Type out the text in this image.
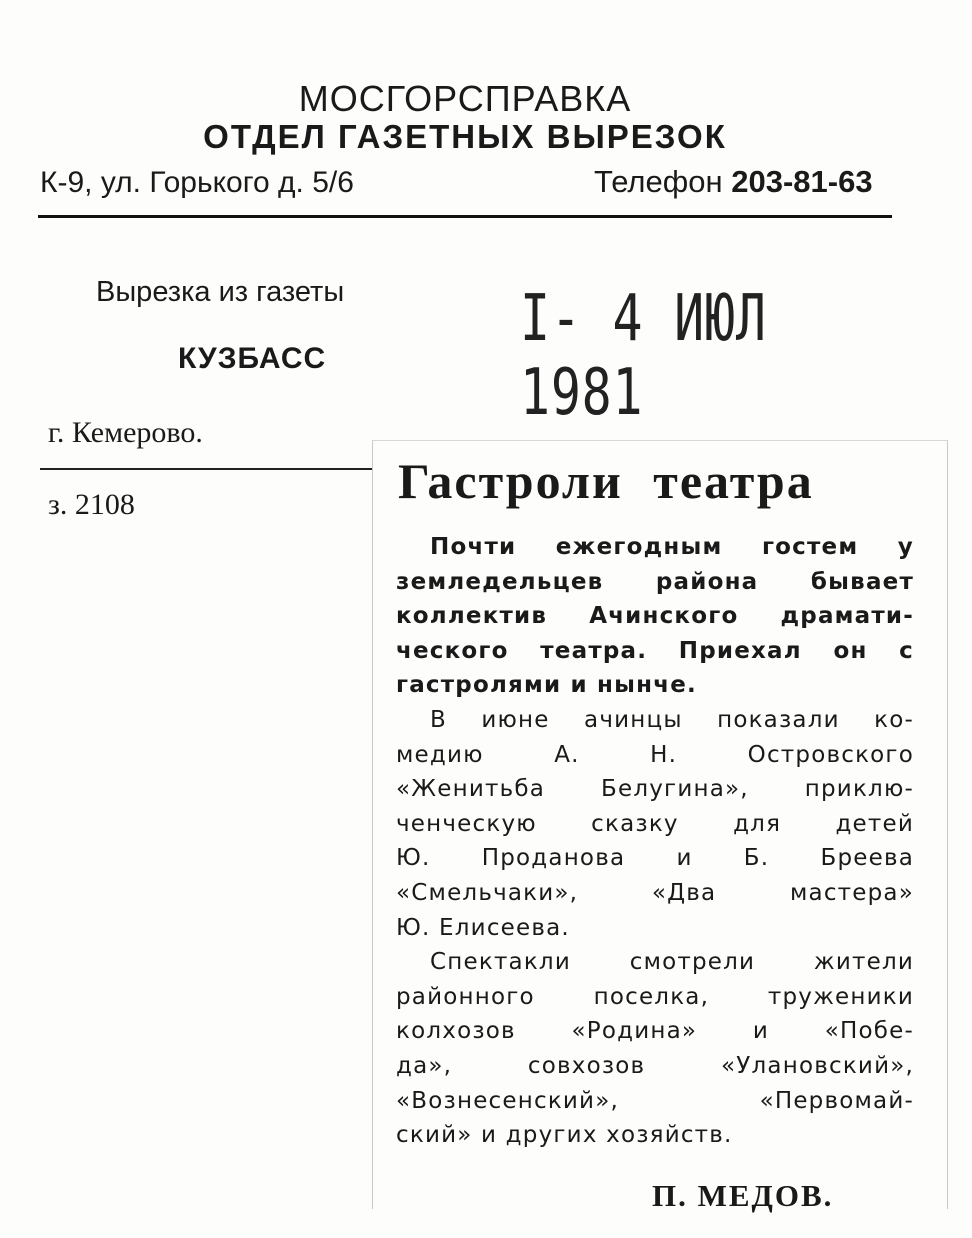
МОСГОРСПРАВКА
ОТДЕЛ ГАЗЕТНЫХ ВЫРЕЗОК
К-9, ул. Горького д. 5/6	Телефон 203-81-63
Вырезка из газеты	I- 4 ИЮЛ 1981
КУЗБАСС
г. Кемерово.
з. 2108	Гастроли театра

Почти ежегодным гостем у
земледельцев района бывает
коллектив Ачинского драмати-
ческого театра. Приехал он с
гастролями и нынче.

В июне ачинцы показали ко-
медию А. Н. Островского
«Женитьба Белугина», приклю-
ченческую сказку для детей
Ю. Проданова и Б. Бреева
«Смельчаки», «Два мастера»
Ю. Елисеева.

Спектакли смотрели жители
районного поселка, труженики
колхозов «Родина» и «Побе-
да», совхозов «Улановский»,
«Вознесенский», «Первомай-
ский» и других хозяйств.

П. МЕДОВ.
